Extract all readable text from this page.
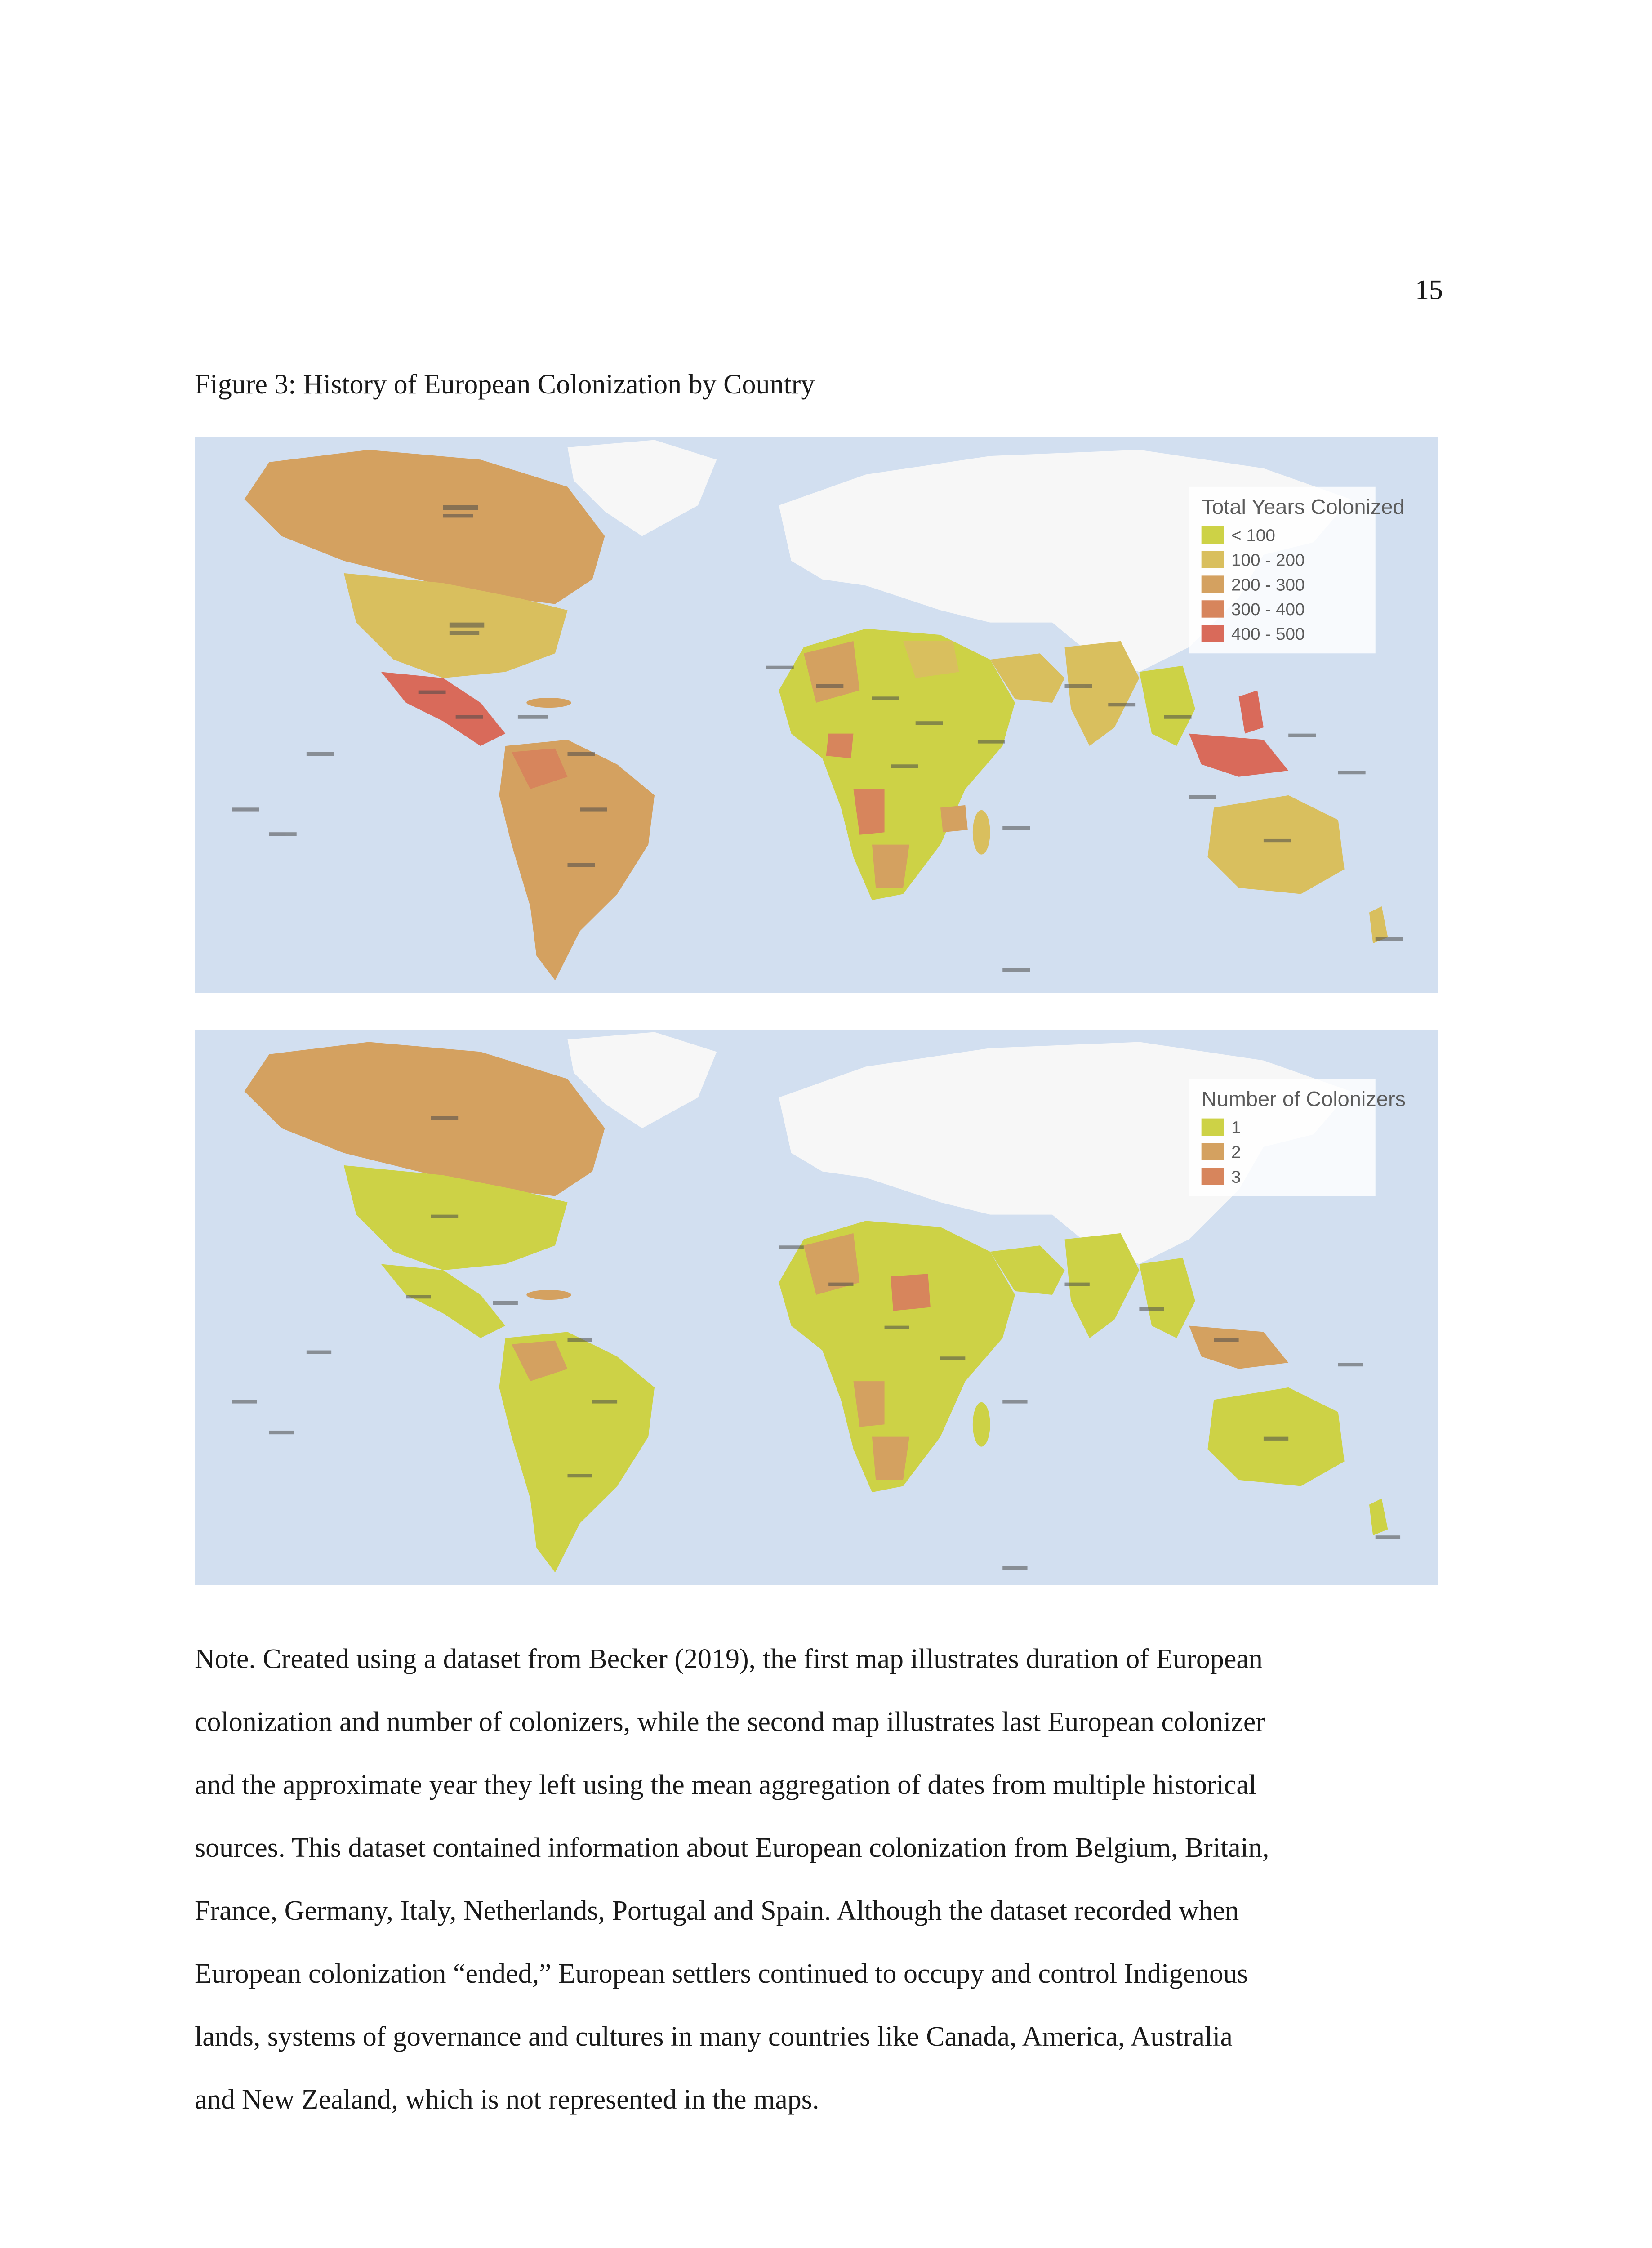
15
Figure 3: History of European Colonization by Country
Total Years Colonized
< 100
100 - 200
200 - 300
300 - 400
400 - 500
Number of Colonizers
1
2
3
Note. Created using a dataset from Becker (2019), the first map illustrates duration of European
colonization and number of colonizers, while the second map illustrates last European colonizer
and the approximate year they left using the mean aggregation of dates from multiple historical
sources. This dataset contained information about European colonization from Belgium, Britain,
France, Germany, Italy, Netherlands, Portugal and Spain. Although the dataset recorded when
European colonization “ended,” European settlers continued to occupy and control Indigenous
lands, systems of governance and cultures in many countries like Canada, America, Australia
and New Zealand, which is not represented in the maps.
